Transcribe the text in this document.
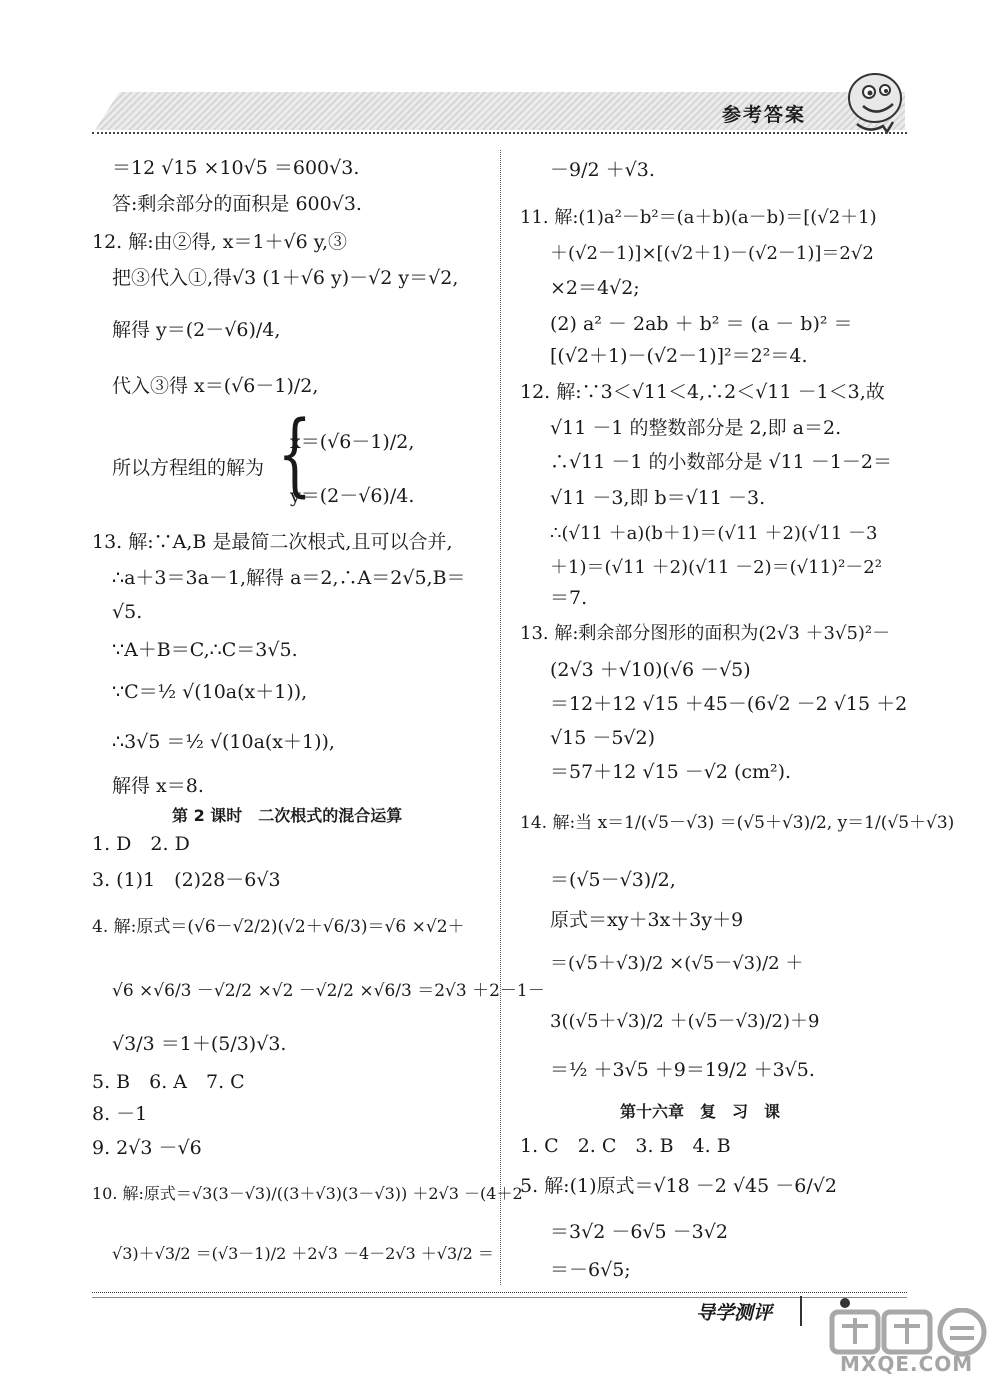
参考答案
＝12 √15 ×10√5 ＝600√3.
答:剩余部分的面积是 600√3.
12. 解:由②得, x＝1＋√6 y,③
把③代入①,得√3 (1＋√6 y)－√2 y＝√2,
解得 y＝(2－√6)/4,
代入③得 x＝(√6－1)/2,
{
x＝(√6－1)/2,
所以方程组的解为
y＝(2－√6)/4.
13. 解:∵A,B 是最简二次根式,且可以合并,
∴a＋3＝3a－1,解得 a＝2,∴A＝2√5,B＝
√5.
∵A＋B＝C,∴C＝3√5.
∵C＝½ √(10a(x＋1)),
∴3√5 ＝½ √(10a(x＋1)),
解得 x＝8.
第 2 课时　二次根式的混合运算
1. D　2. D
3. (1)1　(2)28－6√3
4. 解:原式＝(√6－√2/2)(√2＋√6/3)＝√6 ×√2＋
√6 ×√6/3 －√2/2 ×√2 －√2/2 ×√6/3 ＝2√3 ＋2－1－
√3/3 ＝1＋(5/3)√3.
5. B　6. A　7. C
8. －1
9. 2√3 －√6
10. 解:原式＝√3(3－√3)/((3＋√3)(3－√3)) ＋2√3 －(4＋2
√3)＋√3/2 ＝(√3－1)/2 ＋2√3 －4－2√3 ＋√3/2 ＝
－9/2 ＋√3.
11. 解:(1)a²－b²＝(a＋b)(a－b)＝[(√2＋1)
＋(√2－1)]×[(√2＋1)－(√2－1)]＝2√2
×2＝4√2;
(2) a² － 2ab ＋ b² ＝ (a － b)² ＝
[(√2＋1)－(√2－1)]²＝2²＝4.
12. 解:∵3＜√11＜4,∴2＜√11 －1＜3,故
√11 －1 的整数部分是 2,即 a＝2.
∴√11 －1 的小数部分是 √11 －1－2＝
√11 －3,即 b＝√11 －3.
∴(√11 ＋a)(b＋1)＝(√11 ＋2)(√11 －3
＋1)＝(√11 ＋2)(√11 －2)＝(√11)²－2²
＝7.
13. 解:剩余部分图形的面积为(2√3 ＋3√5)²－
(2√3 ＋√10)(√6 －√5)
＝12＋12 √15 ＋45－(6√2 －2 √15 ＋2
√15 －5√2)
＝57＋12 √15 －√2 (cm²).
14. 解:当 x＝1/(√5－√3) ＝(√5＋√3)/2, y＝1/(√5＋√3)
＝(√5－√3)/2,
原式＝xy＋3x＋3y＋9
＝(√5＋√3)/2 ×(√5－√3)/2 ＋
3((√5＋√3)/2 ＋(√5－√3)/2)＋9
＝½ ＋3√5 ＋9＝19/2 ＋3√5.
第十六章　复　习　课
1. C　2. C　3. B　4. B
5. 解:(1)原式＝√18 －2 √45 －6/√2
＝3√2 －6√5 －3√2
＝－6√5;
导学测评
MXQE.COM
